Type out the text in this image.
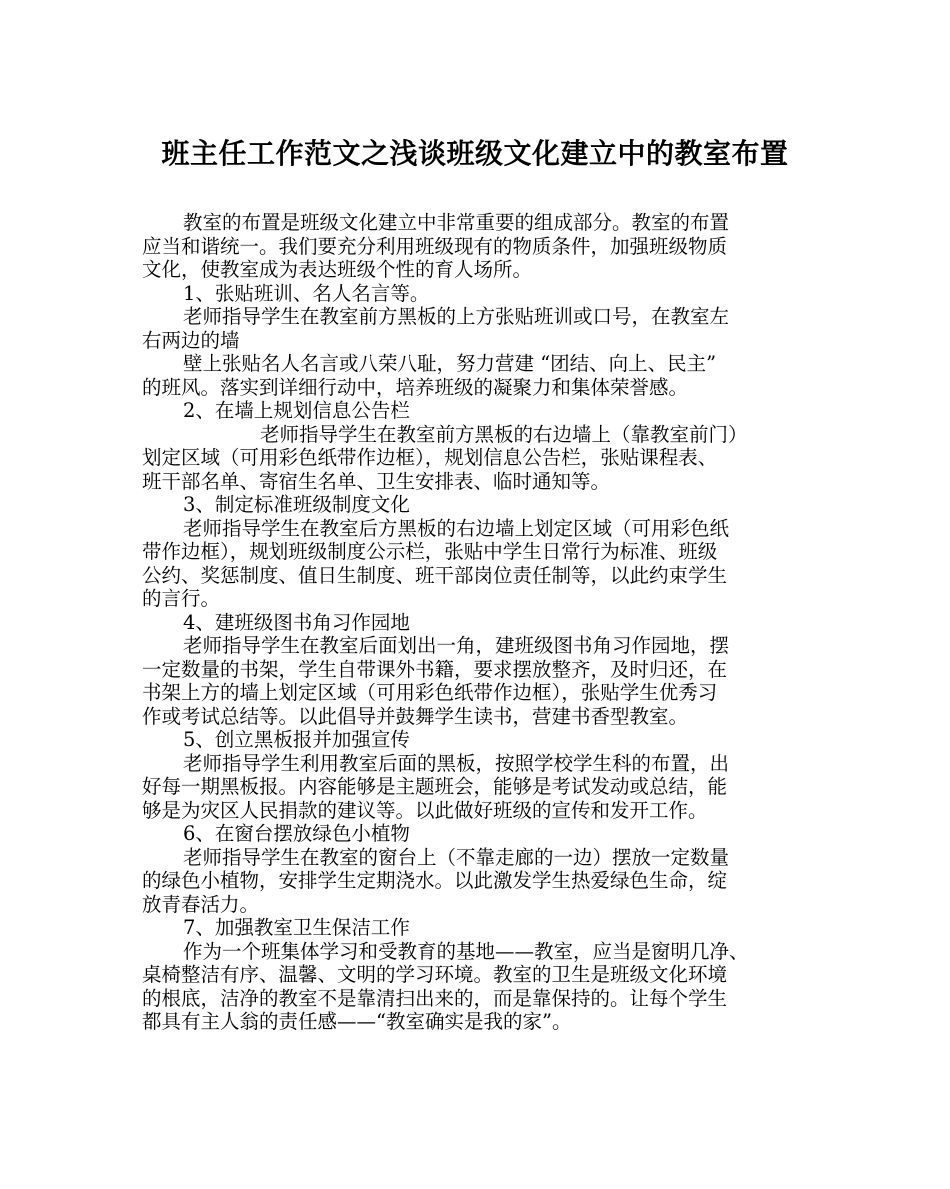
班主任工作范文之浅谈班级文化建立中的教室布置
教室的布置是班级文化建立中非常重要的组成部分。教室的布置
应当和谐统一。我们要充分利用班级现有的物质条件，加强班级物质
文化，使教室成为表达班级个性的育人场所。
1、张贴班训、名人名言等。
老师指导学生在教室前方黑板的上方张贴班训或口号，在教室左
右两边的墙
壁上张贴名人名言或八荣八耻，努力营建 “团结、向上、民主”
的班风。落实到详细行动中，培养班级的凝聚力和集体荣誉感。
2、在墙上规划信息公告栏
老师指导学生在教室前方黑板的右边墙上（靠教室前门）
划定区域（可用彩色纸带作边框），规划信息公告栏，张贴课程表、
班干部名单、寄宿生名单、卫生安排表、临时通知等。
3、制定标准班级制度文化
老师指导学生在教室后方黑板的右边墙上划定区域（可用彩色纸
带作边框），规划班级制度公示栏，张贴中学生日常行为标准、班级
公约、奖惩制度、值日生制度、班干部岗位责任制等，以此约束学生
的言行。
4、建班级图书角习作园地
老师指导学生在教室后面划出一角，建班级图书角习作园地，摆
一定数量的书架，学生自带课外书籍，要求摆放整齐，及时归还，在
书架上方的墙上划定区域（可用彩色纸带作边框），张贴学生优秀习
作或考试总结等。以此倡导并鼓舞学生读书，营建书香型教室。
5、创立黑板报并加强宣传
老师指导学生利用教室后面的黑板，按照学校学生科的布置，出
好每一期黑板报。内容能够是主题班会，能够是考试发动或总结，能
够是为灾区人民捐款的建议等。以此做好班级的宣传和发开工作。
6、在窗台摆放绿色小植物
老师指导学生在教室的窗台上（不靠走廊的一边）摆放一定数量
的绿色小植物，安排学生定期浇水。以此激发学生热爱绿色生命，绽
放青春活力。
7、加强教室卫生保洁工作
作为一个班集体学习和受教育的基地——教室，应当是窗明几净、
桌椅整洁有序、温馨、文明的学习环境。教室的卫生是班级文化环境
的根底，洁净的教室不是靠清扫出来的，而是靠保持的。让每个学生
都具有主人翁的责任感——“教室确实是我的家”。
